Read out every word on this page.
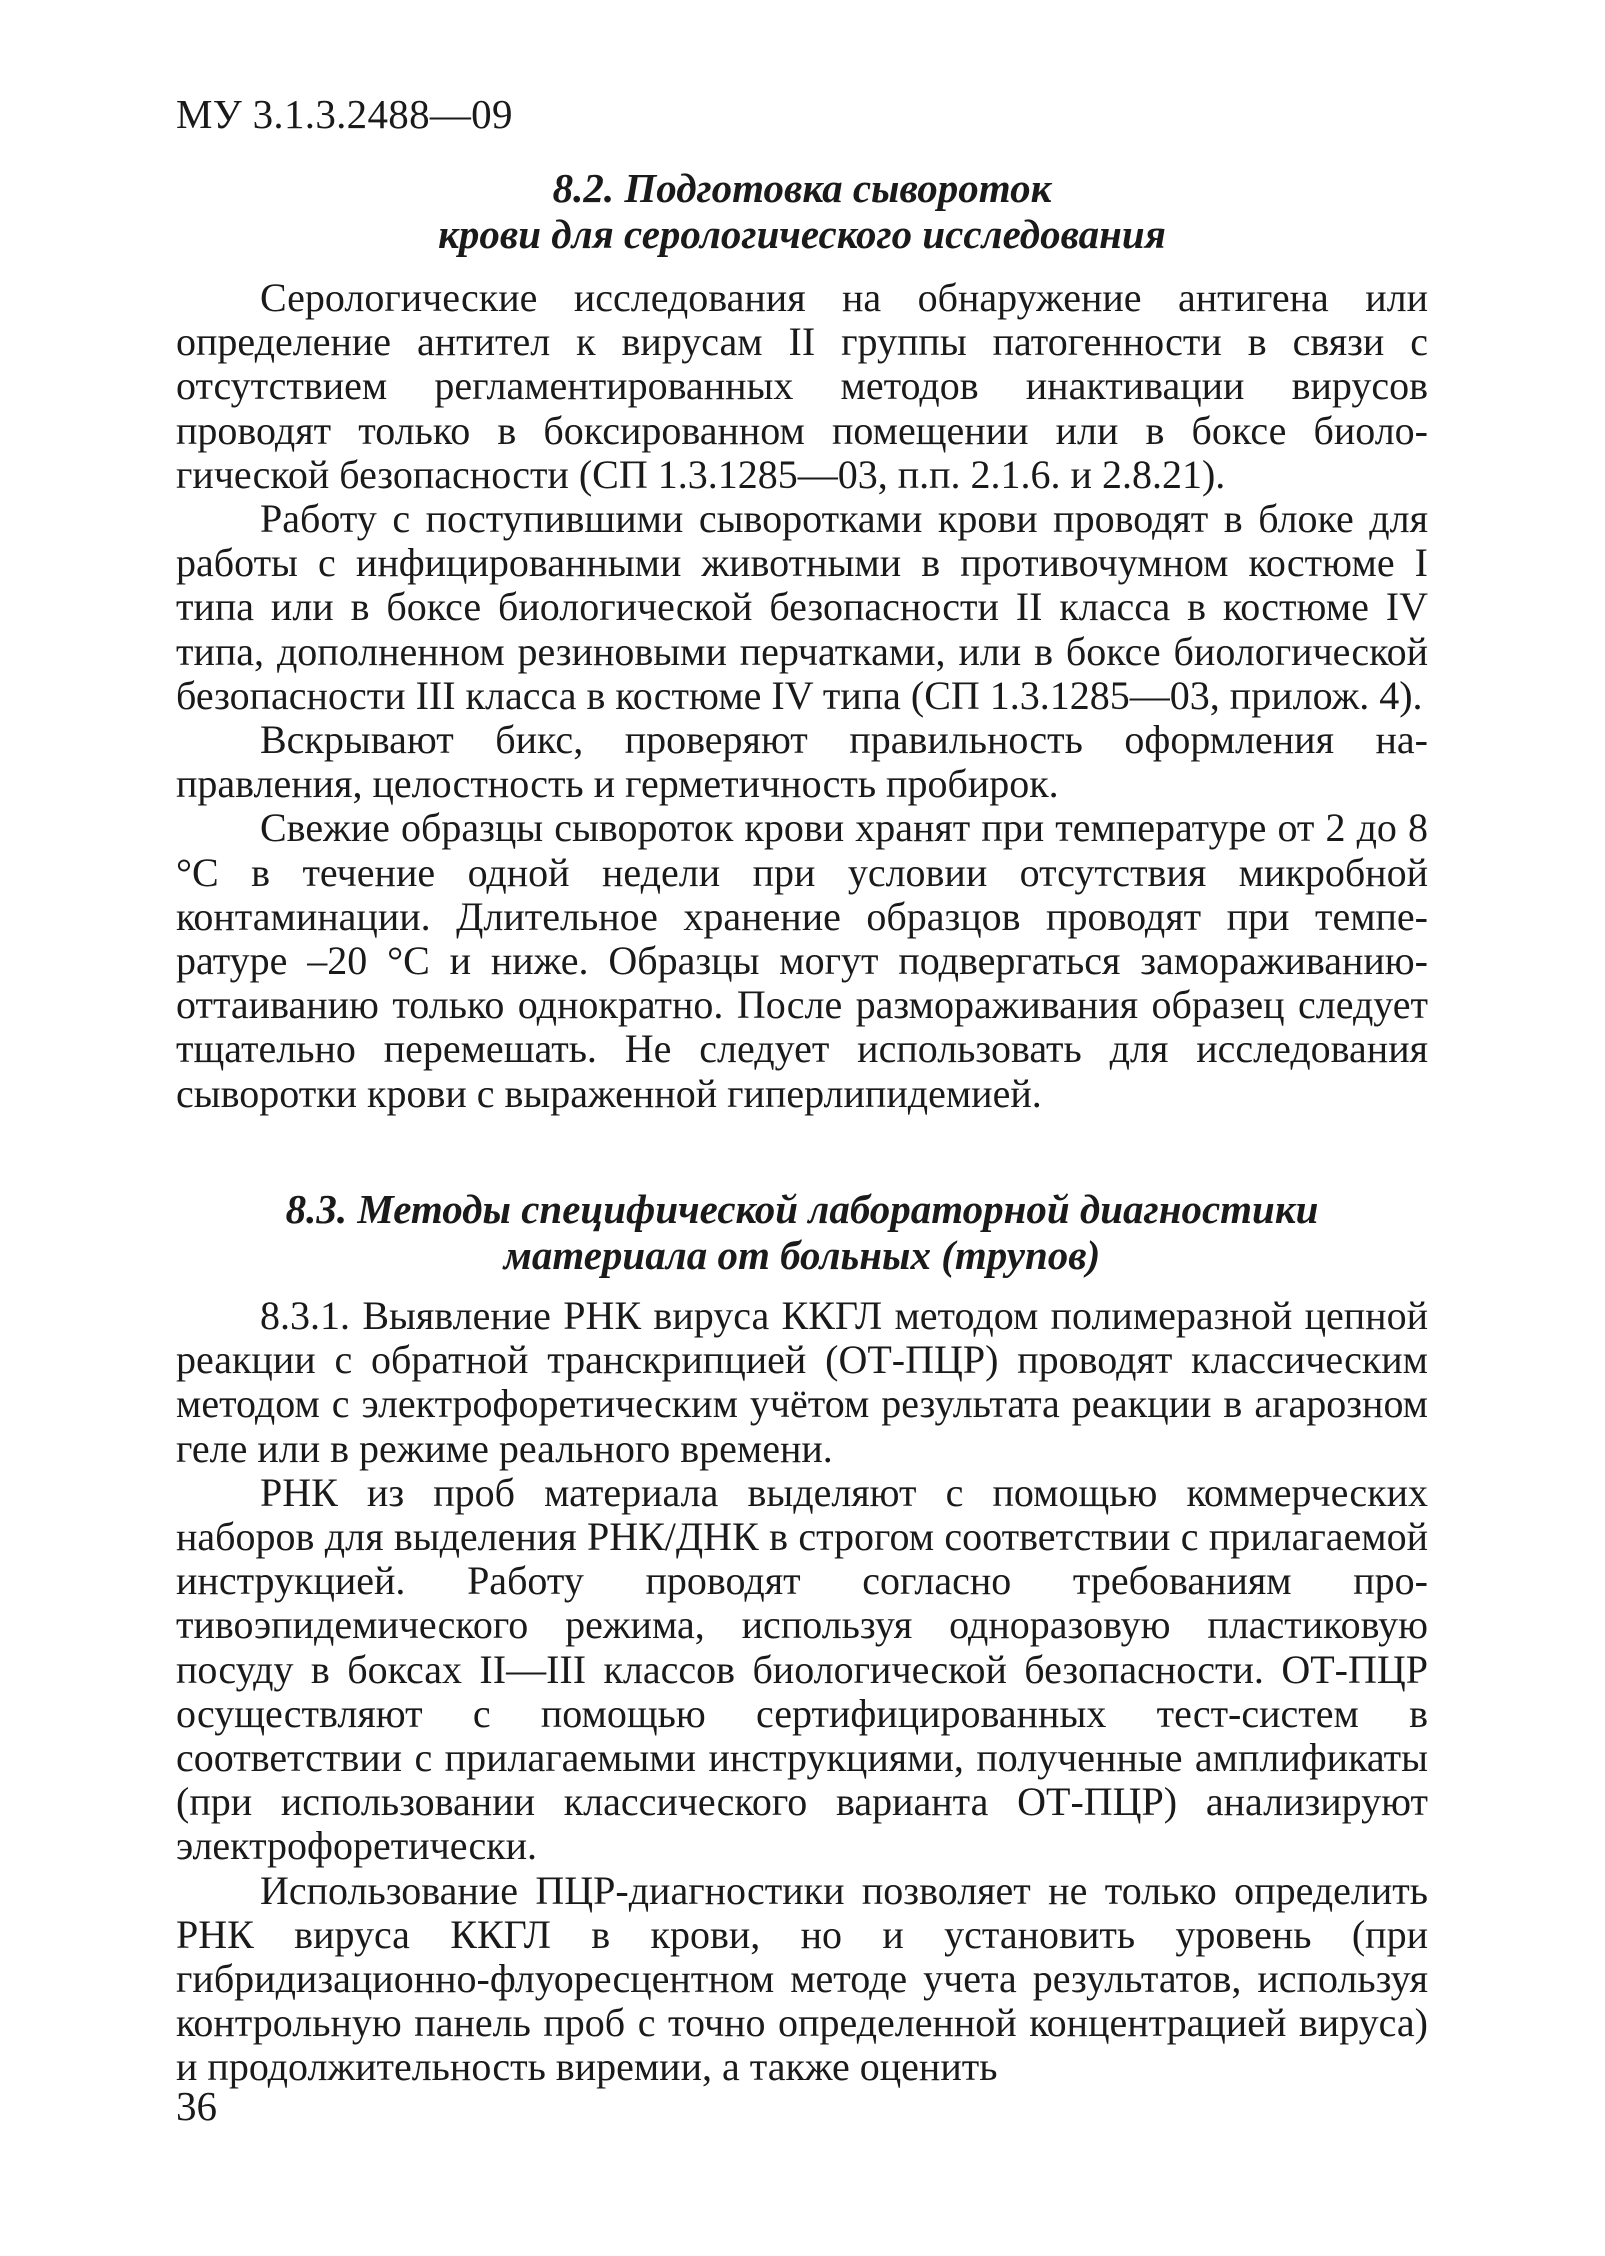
МУ 3.1.3.2488—09
8.2. Подготовка сывороток
крови для серологического исследования

Серологические исследования на обнаружение антигена или определение антител к вирусам II группы патогенности в связи с отсутствием регламентированных методов инактивации вирусов проводят только в боксированном помещении или в боксе биологической безопасности (СП 1.3.1285—03, п.п. 2.1.6. и 2.8.21).

Работу с поступившими сыворотками крови проводят в блоке для работы с инфицированными животными в противочумном костюме I типа или в боксе биологической безопасности II класса в костюме IV типа, дополненном резиновыми перчатками, или в боксе биологической безопасности III класса в костюме IV типа (СП 1.3.1285—03, прилож. 4).

Вскрывают бикс, проверяют правильность оформления направления, целостность и герметичность пробирок.

Свежие образцы сывороток крови хранят при температуре от 2 до 8 °С в течение одной недели при условии отсутствия микробной контаминации. Длительное хранение образцов проводят при температуре –20 °С и ниже. Образцы могут подвергаться замораживанию-оттаиванию только однократно. После размораживания образец следует тщательно перемешать. Не следует использовать для исследования сыворотки крови с выраженной гиперлипидемией.

8.3. Методы специфической лабораторной диагностики
материала от больных (трупов)

8.3.1. Выявление РНК вируса ККГЛ методом полимеразной цепной реакции с обратной транскрипцией (ОТ-ПЦР) проводят классическим методом с электрофоретическим учётом результата реакции в агарозном геле или в режиме реального времени.

РНК из проб материала выделяют с помощью коммерческих наборов для выделения РНК/ДНК в строгом соответствии с прилагаемой инструкцией. Работу проводят согласно требованиям противоэпидемического режима, используя одноразовую пластиковую посуду в боксах II—III классов биологической безопасности. ОТ-ПЦР осуществляют с помощью сертифицированных тест-систем в соответствии с прилагаемыми инструкциями, полученные амплификаты (при использовании классического варианта ОТ-ПЦР) анализируют электрофоретически.

Использование ПЦР-диагностики позволяет не только определить РНК вируса ККГЛ в крови, но и установить уровень (при гибридизационно-флуоресцентном методе учета результатов, используя контрольную панель проб с точно определенной концентрацией вируса) и продолжительность виремии, а также оценить

36
